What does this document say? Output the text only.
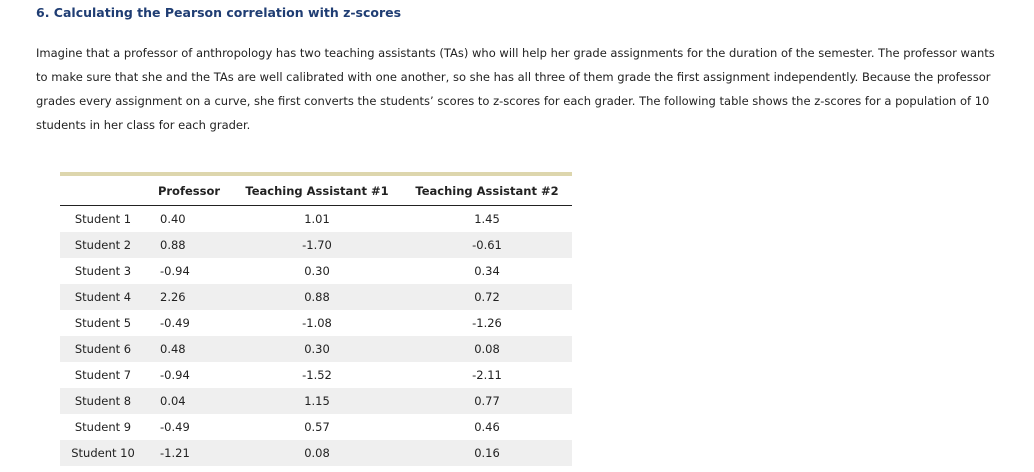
6. Calculating the Pearson correlation with z-scores

Imagine that a professor of anthropology has two teaching assistants (TAs) who will help her grade assignments for the duration of the semester. The professor wants to make sure that she and the TAs are well calibrated with one another, so she has all three of them grade the first assignment independently. Because the professor grades every assignment on a curve, she first converts the students’ scores to z-scores for each grader. The following table shows the z-scores for a population of 10 students in her class for each grader.

	Professor	Teaching Assistant #1	Teaching Assistant #2
Student 1	0.40	1.01	1.45
Student 2	0.88	-1.70	-0.61
Student 3	-0.94	0.30	0.34
Student 4	2.26	0.88	0.72
Student 5	-0.49	-1.08	-1.26
Student 6	0.48	0.30	0.08
Student 7	-0.94	-1.52	-2.11
Student 8	0.04	1.15	0.77
Student 9	-0.49	0.57	0.46
Student 10	-1.21	0.08	0.16
